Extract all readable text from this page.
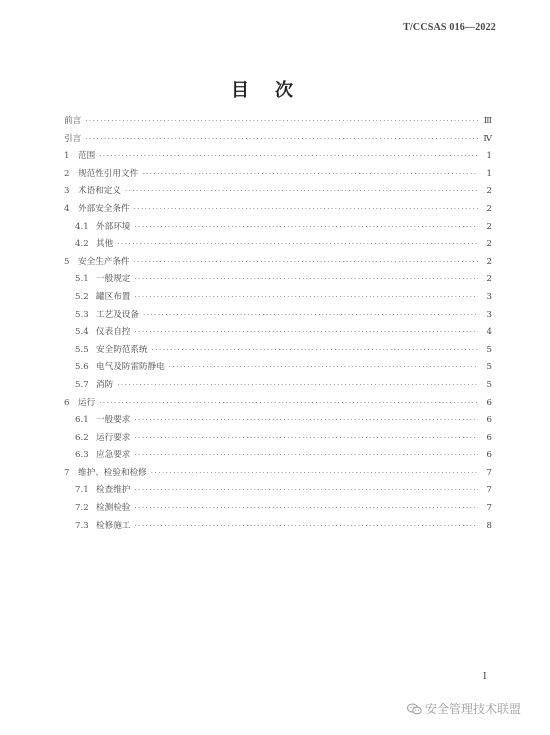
T/CCSAS 016—2022
目次
前言 ·····	Ⅲ
引言 ·····	Ⅳ
1 范围 ·····	1
2 规范性引用文件 ·····	1
3 术语和定义 ·····	2
4 外部安全条件 ·····	2
4.1 外部环境 ·····	2
4.2 其他 ·····	2
5 安全生产条件 ·····	2
5.1 一般规定 ·····	2
5.2 罐区布置 ·····	3
5.3 工艺及设备 ·····	3
5.4 仪表自控 ·····	4
5.5 安全防范系统 ·····	5
5.6 电气及防雷防静电 ·····	5
5.7 消防 ·····	5
6 运行 ·····	6
6.1 一般要求 ·····	6
6.2 运行要求 ·····	6
6.3 应急要求 ·····	6
7 维护、检验和检修 ·····	7
7.1 检查维护 ·····	7
7.2 检测检验 ·····	7
7.3 检修施工 ·····	8
I
安全管理技术联盟
